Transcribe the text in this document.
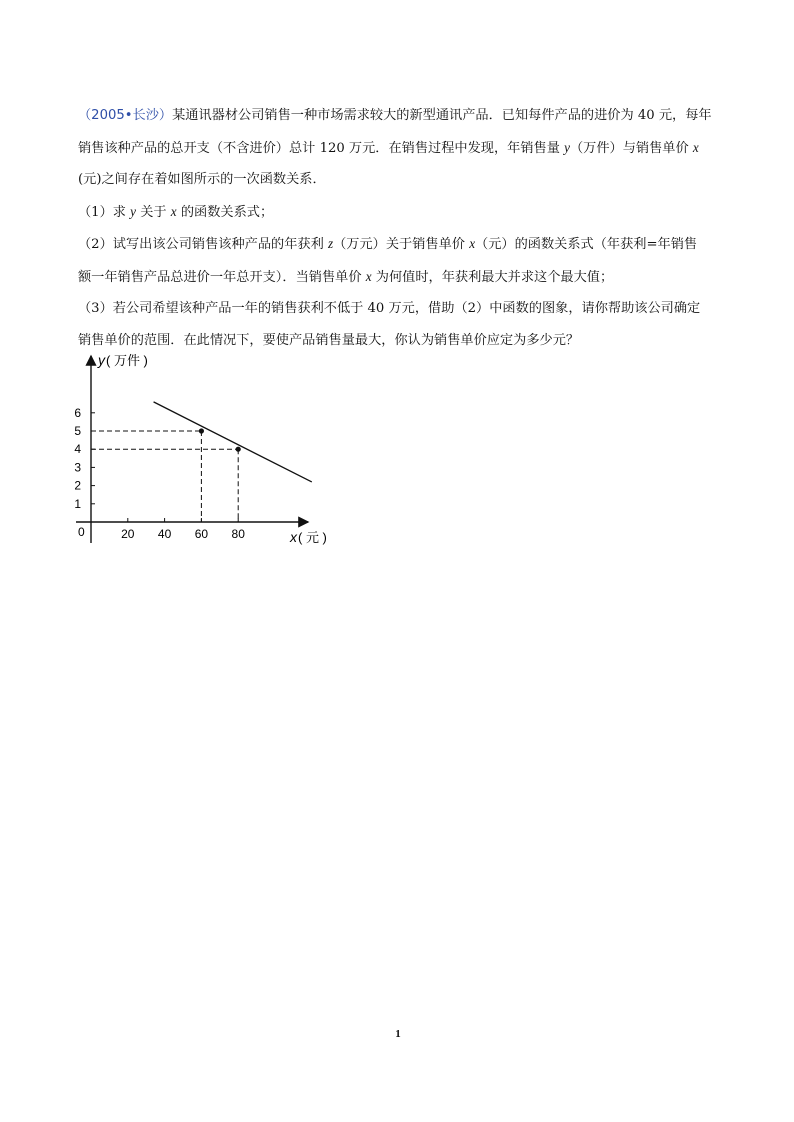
（2005•长沙）某通讯器材公司销售一种市场需求较大的新型通讯产品．已知每件产品的进价为 40 元，每年

销售该种产品的总开支（不含进价）总计 120 万元．在销售过程中发现，年销售量 y（万件）与销售单价 x

(元)之间存在着如图所示的一次函数关系．

（1）求 y 关于 x 的函数关系式；

（2）试写出该公司销售该种产品的年获利 z（万元）关于销售单价 x（元）的函数关系式（年获利=年销售

额一年销售产品总进价一年总开支）．当销售单价 x 为何值时，年获利最大并求这个最大值；

（3）若公司希望该种产品一年的销售获利不低于 40 万元，借助（2）中函数的图象，请你帮助该公司确定

销售单价的范围．在此情况下，要使产品销售量最大，你认为销售单价应定为多少元？

y ( 万件 )
x ( 元 )
0	20 40 60 80
1
2
3
4
5
6
1
